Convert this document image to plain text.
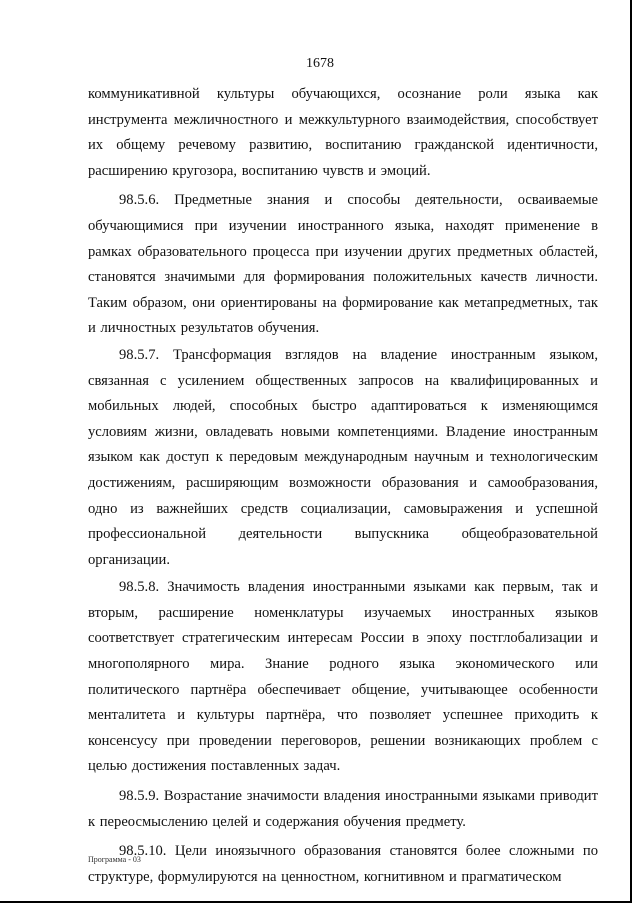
1678

коммуникативной культуры обучающихся, осознание роли языка как инструмента межличностного и межкультурного взаимодействия, способствует их общему речевому развитию, воспитанию гражданской идентичности, расширению кругозора, воспитанию чувств и эмоций.

98.5.6. Предметные знания и способы деятельности, осваиваемые обучающимися при изучении иностранного языка, находят применение в рамках образовательного процесса при изучении других предметных областей, становятся значимыми для формирования положительных качеств личности. Таким образом, они ориентированы на формирование как метапредметных, так и личностных результатов обучения.

98.5.7. Трансформация взглядов на владение иностранным языком, связанная с усилением общественных запросов на квалифицированных и мобильных людей, способных быстро адаптироваться к изменяющимся условиям жизни, овладевать новыми компетенциями. Владение иностранным языком как доступ к передовым международным научным и технологическим достижениям, расширяющим возможности образования и самообразования, одно из важнейших средств социализации, самовыражения и успешной профессиональной деятельности выпускника общеобразовательной организации.

98.5.8. Значимость владения иностранными языками как первым, так и вторым, расширение номенклатуры изучаемых иностранных языков соответствует стратегическим интересам России в эпоху постглобализации и многополярного мира. Знание родного языка экономического или политического партнёра обеспечивает общение, учитывающее особенности менталитета и культуры партнёра, что позволяет успешнее приходить к консенсусу при проведении переговоров, решении возникающих проблем с целью достижения поставленных задач.

98.5.9. Возрастание значимости владения иностранными языками приводит к переосмыслению целей и содержания обучения предмету.

98.5.10. Цели иноязычного образования становятся более сложными по структуре, формулируются на ценностном, когнитивном и прагматическом

Программа - 03
